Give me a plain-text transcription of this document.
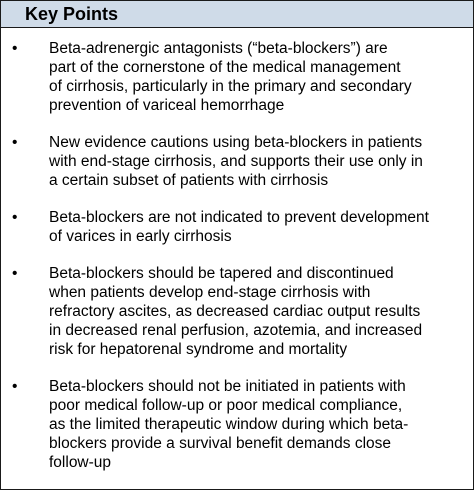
Key Points
• Beta-adrenergic antagonists (“beta-blockers”) are
part of the cornerstone of the medical management
of cirrhosis, particularly in the primary and secondary
prevention of variceal hemorrhage
• New evidence cautions using beta-blockers in patients
with end-stage cirrhosis, and supports their use only in
a certain subset of patients with cirrhosis
• Beta-blockers are not indicated to prevent development
of varices in early cirrhosis
• Beta-blockers should be tapered and discontinued
when patients develop end-stage cirrhosis with
refractory ascites, as decreased cardiac output results
in decreased renal perfusion, azotemia, and increased
risk for hepatorenal syndrome and mortality
• Beta-blockers should not be initiated in patients with
poor medical follow-up or poor medical compliance,
as the limited therapeutic window during which beta-
blockers provide a survival benefit demands close
follow-up
